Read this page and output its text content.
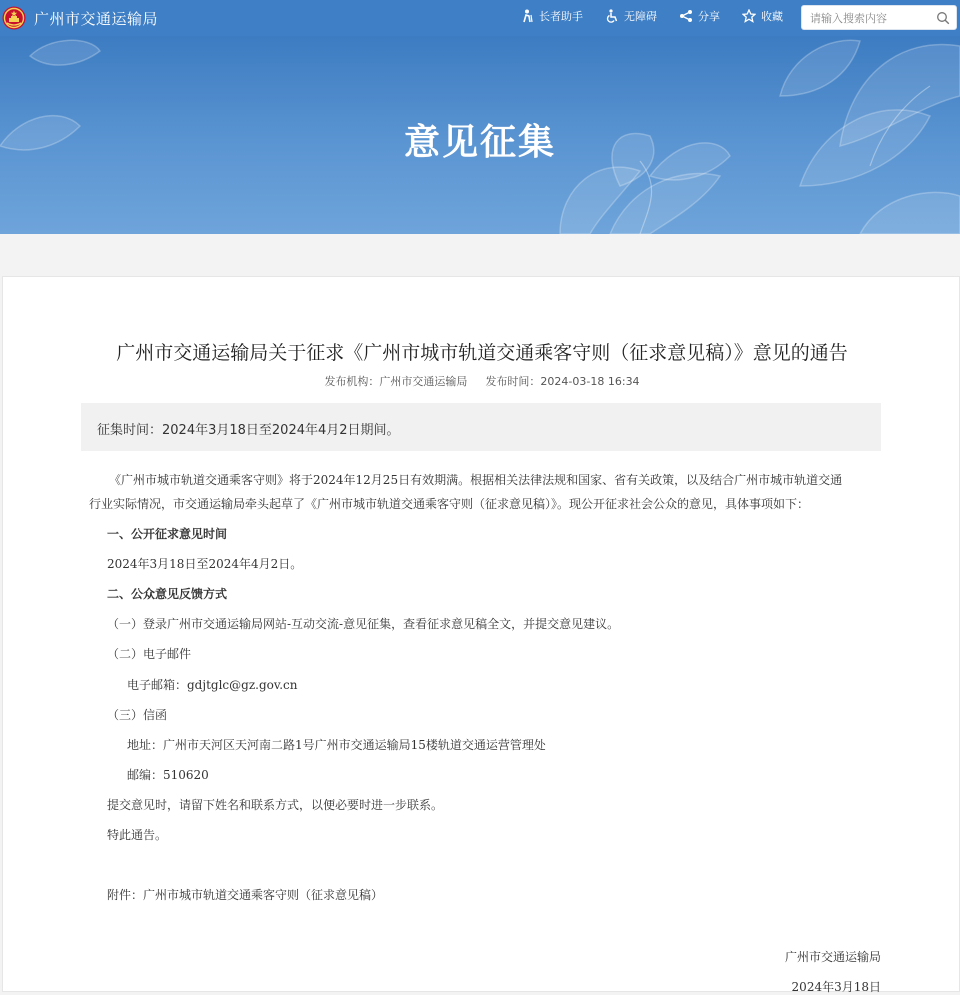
广州市交通运输局	长者助手	无障碍	分享	收藏
请输入搜索内容
意见征集
广州市交通运输局关于征求《广州市城市轨道交通乘客守则（征求意见稿）》意见的通告
发布机构：广州市交通运输局 发布时间：2024-03-18 16:34
征集时间：2024年3月18日至2024年4月2日期间。
《广州市城市轨道交通乘客守则》将于2024年12月25日有效期满。根据相关法律法规和国家、省有关政策，以及结合广州市城市轨道交通
行业实际情况，市交通运输局牵头起草了《广州市城市轨道交通乘客守则（征求意见稿）》。现公开征求社会公众的意见，具体事项如下：
一、公开征求意见时间
2024年3月18日至2024年4月2日。
二、公众意见反馈方式
（一）登录广州市交通运输局网站-互动交流-意见征集，查看征求意见稿全文，并提交意见建议。
（二）电子邮件
电子邮箱：gdjtglc@gz.gov.cn
（三）信函
地址：广州市天河区天河南二路1号广州市交通运输局15楼轨道交通运营管理处
邮编：510620
提交意见时，请留下姓名和联系方式，以便必要时进一步联系。
特此通告。
附件：广州市城市轨道交通乘客守则（征求意见稿）
广州市交通运输局
2024年3月18日
